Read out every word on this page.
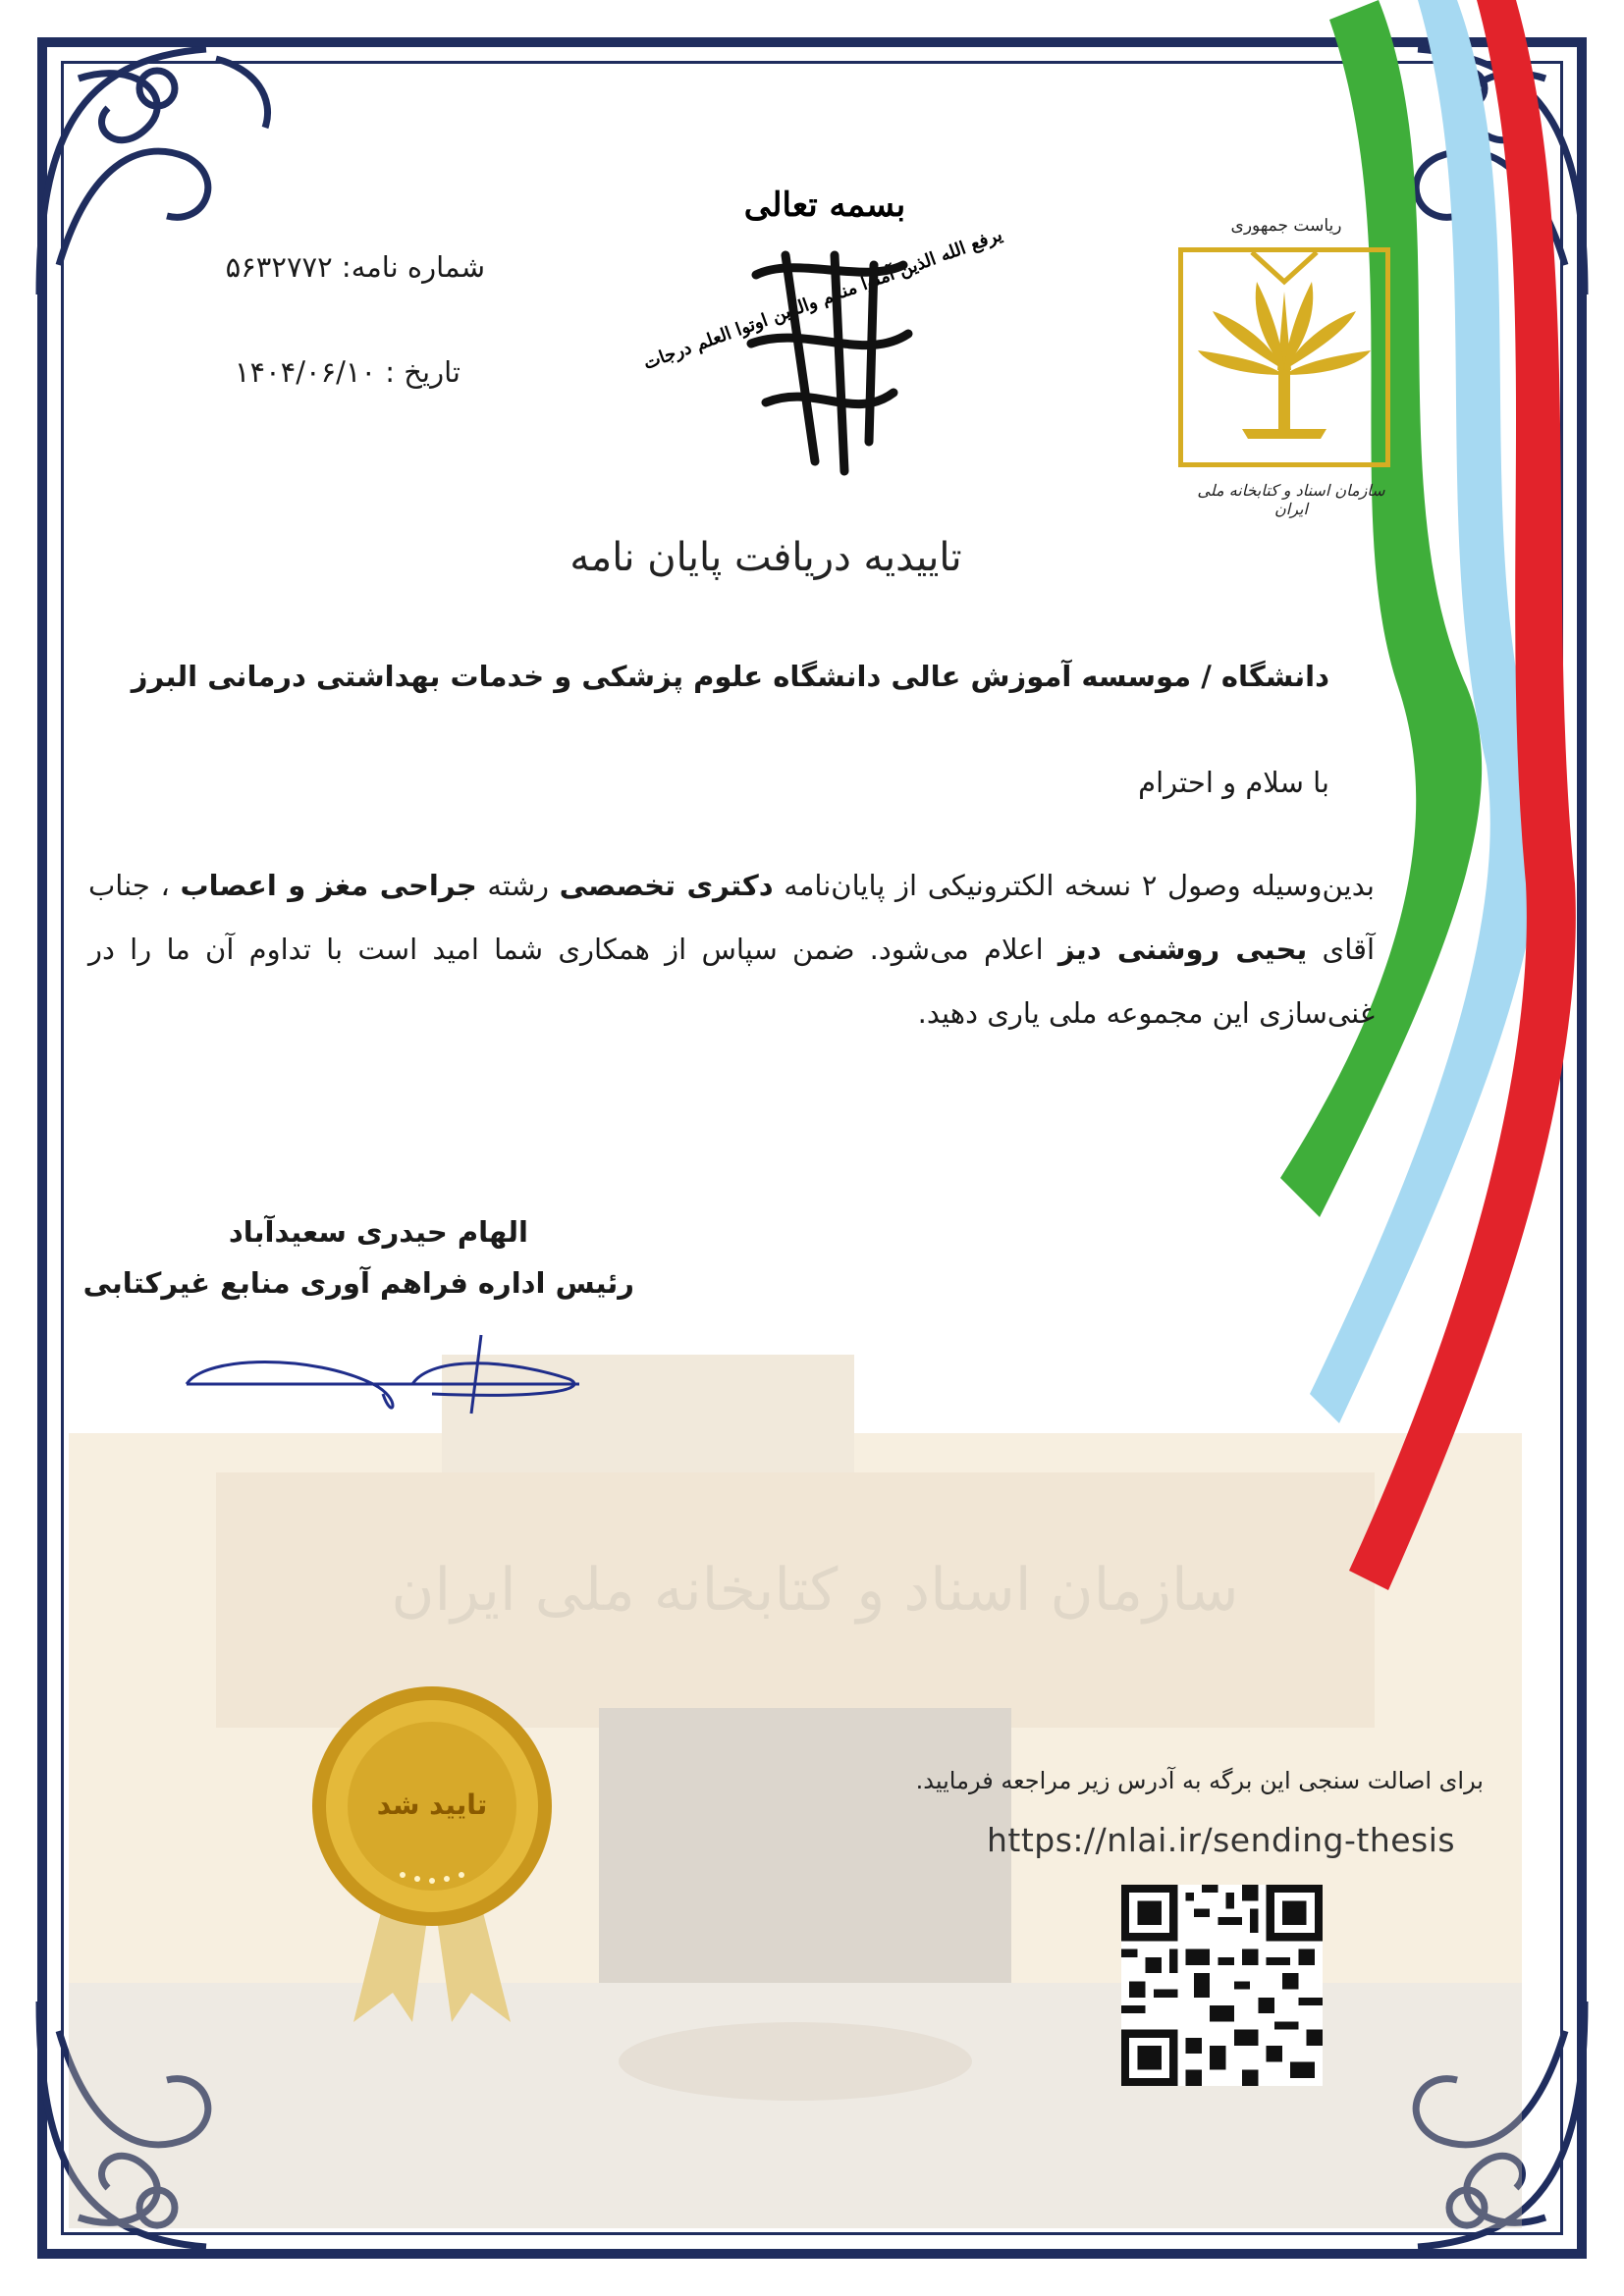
سازمان اسناد و کتابخانه ملی ایران
شماره نامه: ۵۶۳۲۷۷۲
تاریخ : ۱۴۰۴/۰۶/۱۰
بسمه تعالی
یرفع الله الذین آمنوا منکم والذین اوتوا العلم درجات	ریاست جمهوری
سازمان اسناد و کتابخانه ملی ایران
تاییدیه دریافت پایان نامه
دانشگاه / موسسه آموزش عالی دانشگاه علوم پزشکی و خدمات بهداشتی درمانی البرز
با سلام و احترام
بدین‌وسیله وصول ۲ نسخه الکترونیکی از پایان‌نامه دکتری تخصصی رشته جراحی مغز و اعصاب ، جناب آقای یحیی روشنی دیز اعلام می‌شود. ضمن سپاس از همکاری شما امید است با تداوم آن ما را در غنی‌سازی این مجموعه ملی یاری دهید.
الهام حیدری سعیدآباد
رئیس اداره فراهم آوری منابع غیرکتابی
تایید شد
برای اصالت سنجی این برگه به آدرس زیر مراجعه فرمایید.
https://nlai.ir/sending-thesis
